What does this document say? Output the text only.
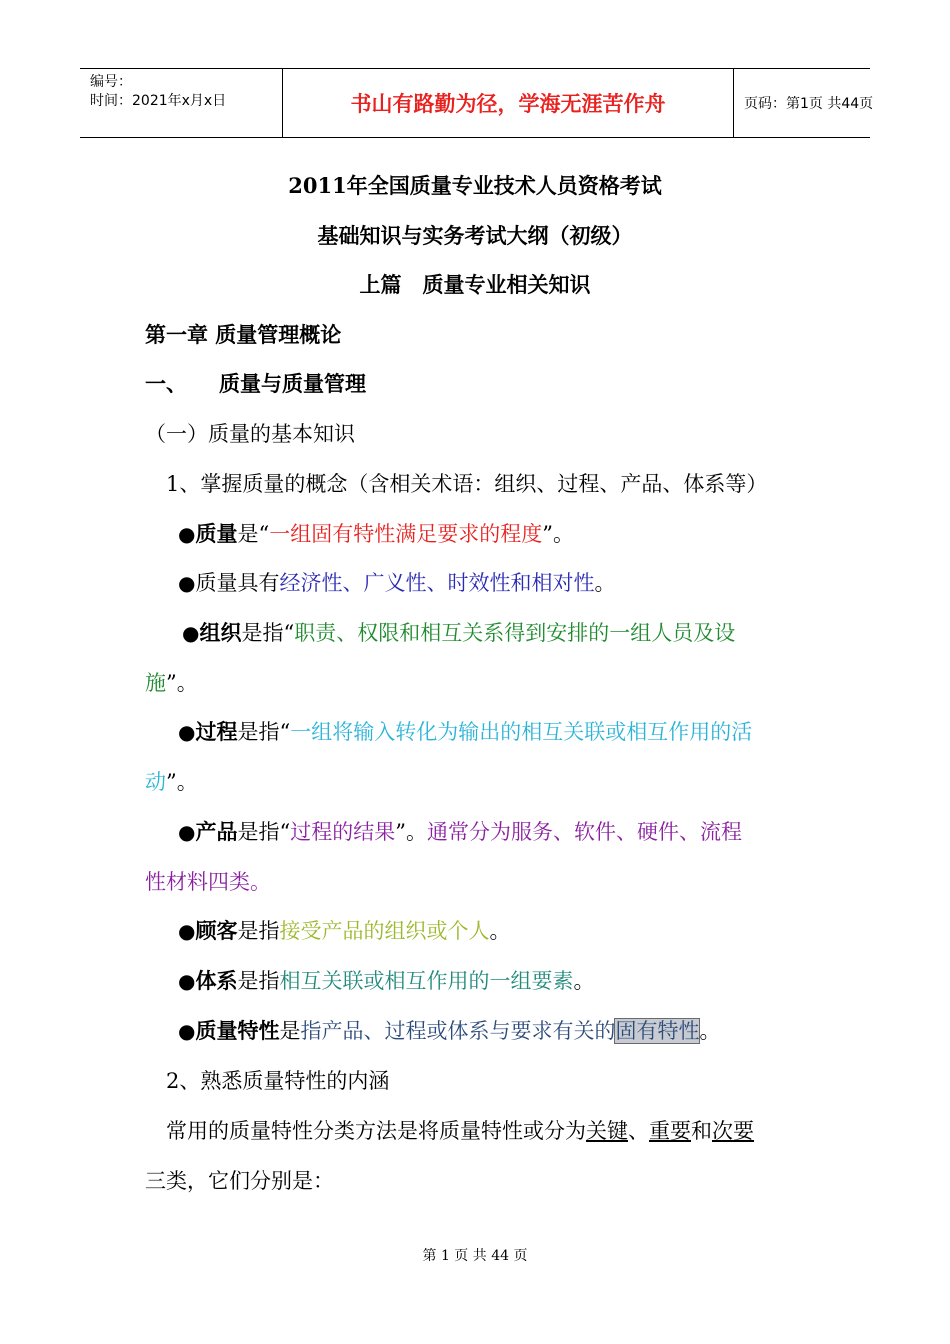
编号：
时间：2021年x月x日	书山有路勤为径，学海无涯苦作舟	页码：第1页 共44页
2011年全国质量专业技术人员资格考试
基础知识与实务考试大纲（初级）
上篇　质量专业相关知识
第一章 质量管理概论
一、 质量与质量管理
（一）质量的基本知识
1、掌握质量的概念（含相关术语：组织、过程、产品、体系等）
●质量是“一组固有特性满足要求的程度”。
●质量具有经济性、广义性、时效性和相对性。
●组织是指“职责、权限和相互关系得到安排的一组人员及设
施”。
●过程是指“一组将输入转化为输出的相互关联或相互作用的活
动”。
●产品是指“过程的结果”。通常分为服务、软件、硬件、流程
性材料四类。
●顾客是指接受产品的组织或个人。
●体系是指相互关联或相互作用的一组要素。
●质量特性是指产品、过程或体系与要求有关的固有特性。
2、熟悉质量特性的内涵
常用的质量特性分类方法是将质量特性或分为关键、重要和次要
三类，它们分别是：
第 1 页 共 44 页
